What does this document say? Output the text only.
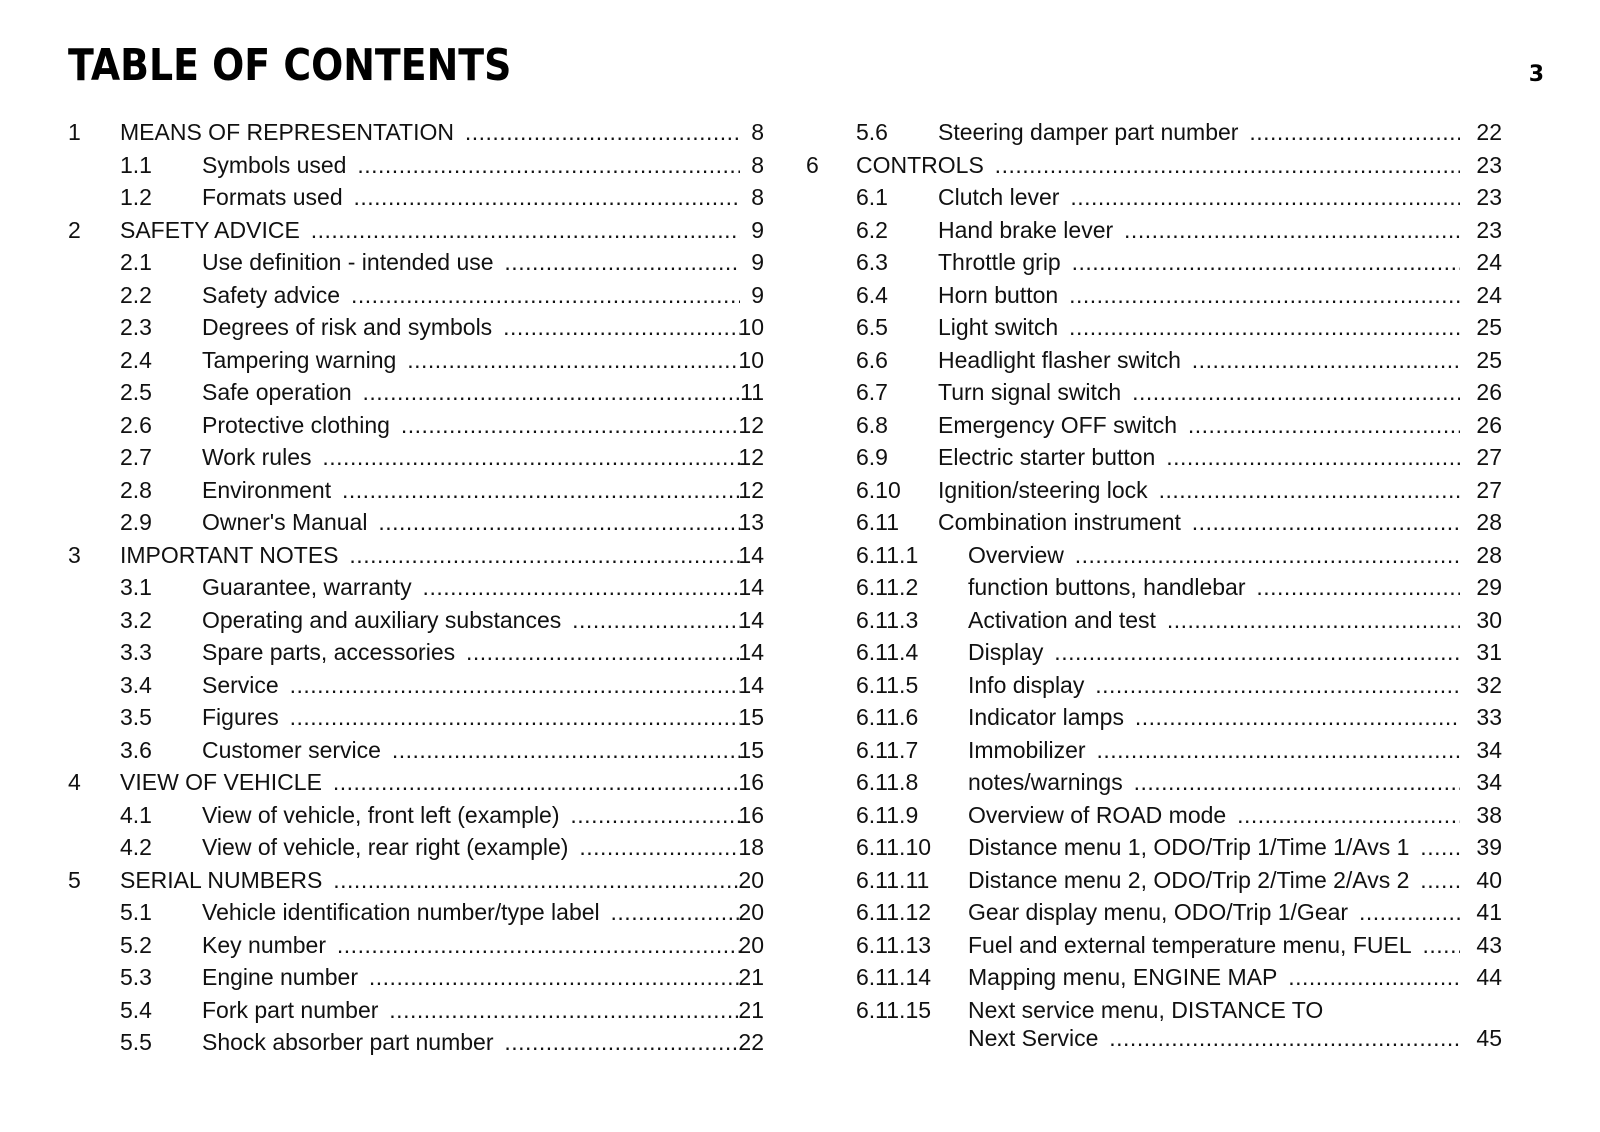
TABLE OF CONTENTS	3
1 MEANS OF REPRESENTATION .....	8
1.1 Symbols used .....	8
1.2 Formats used .....	8
2 SAFETY ADVICE .....	9
2.1 Use definition - intended use .....	9
2.2 Safety advice .....	9
2.3 Degrees of risk and symbols .....	10
2.4 Tampering warning .....	10
2.5 Safe operation .....	11
2.6 Protective clothing .....	12
2.7 Work rules .....	12
2.8 Environment .....	12
2.9 Owner's Manual .....	13
3 IMPORTANT NOTES .....	14
3.1 Guarantee, warranty .....	14
3.2 Operating and auxiliary substances .....	14
3.3 Spare parts, accessories .....	14
3.4 Service .....	14
3.5 Figures .....	15
3.6 Customer service .....	15
4 VIEW OF VEHICLE .....	16
4.1 View of vehicle, front left (example) .....	16
4.2 View of vehicle, rear right (example) .....	18
5 SERIAL NUMBERS .....	20
5.1 Vehicle identification number/type label .....	20
5.2 Key number .....	20
5.3 Engine number .....	21
5.4 Fork part number .....	21
5.5 Shock absorber part number .....	22
5.6 Steering damper part number .....	22
6 CONTROLS .....	23
6.1 Clutch lever .....	23
6.2 Hand brake lever .....	23
6.3 Throttle grip .....	24
6.4 Horn button .....	24
6.5 Light switch .....	25
6.6 Headlight flasher switch .....	25
6.7 Turn signal switch .....	26
6.8 Emergency OFF switch .....	26
6.9 Electric starter button .....	27
6.10 Ignition/steering lock .....	27
6.11 Combination instrument .....	28
6.11.1 Overview .....	28
6.11.2 function buttons, handlebar .....	29
6.11.3 Activation and test .....	30
6.11.4 Display .....	31
6.11.5 Info display .....	32
6.11.6 Indicator lamps .....	33
6.11.7 Immobilizer .....	34
6.11.8 notes/warnings .....	34
6.11.9 Overview of ROAD mode .....	38
6.11.10 Distance menu 1, ODO/Trip 1/Time 1/Avs 1 .....	39
6.11.11 Distance menu 2, ODO/Trip 2/Time 2/Avs 2 .....	40
6.11.12 Gear display menu, ODO/Trip 1/Gear .....	41
6.11.13 Fuel and external temperature menu, FUEL .....	43
6.11.14 Mapping menu, ENGINE MAP .....	44
6.11.15 Next service menu, DISTANCE TO
Next Service .....	45
